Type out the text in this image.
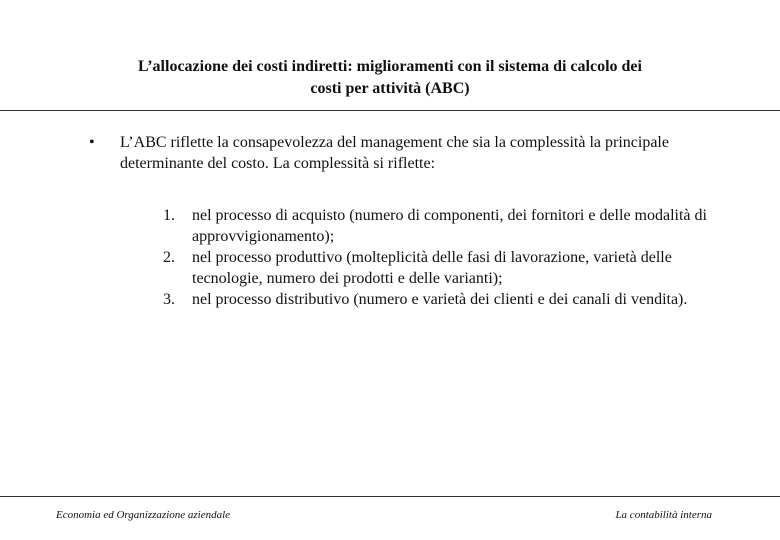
L’allocazione dei costi indiretti: miglioramenti con il sistema di calcolo dei
costi per attività (ABC)
• L’ABC riflette la consapevolezza del management che sia la complessità la principale determinante del costo. La complessità si riflette:
1. nel processo di acquisto (numero di componenti, dei fornitori e delle modalità di approvvigionamento);
2. nel processo produttivo (molteplicità delle fasi di lavorazione, varietà delle tecnologie, numero dei prodotti e delle varianti);
3. nel processo distributivo (numero e varietà dei clienti e dei canali di vendita).
Economia ed Organizzazione aziendale	La contabilità interna
